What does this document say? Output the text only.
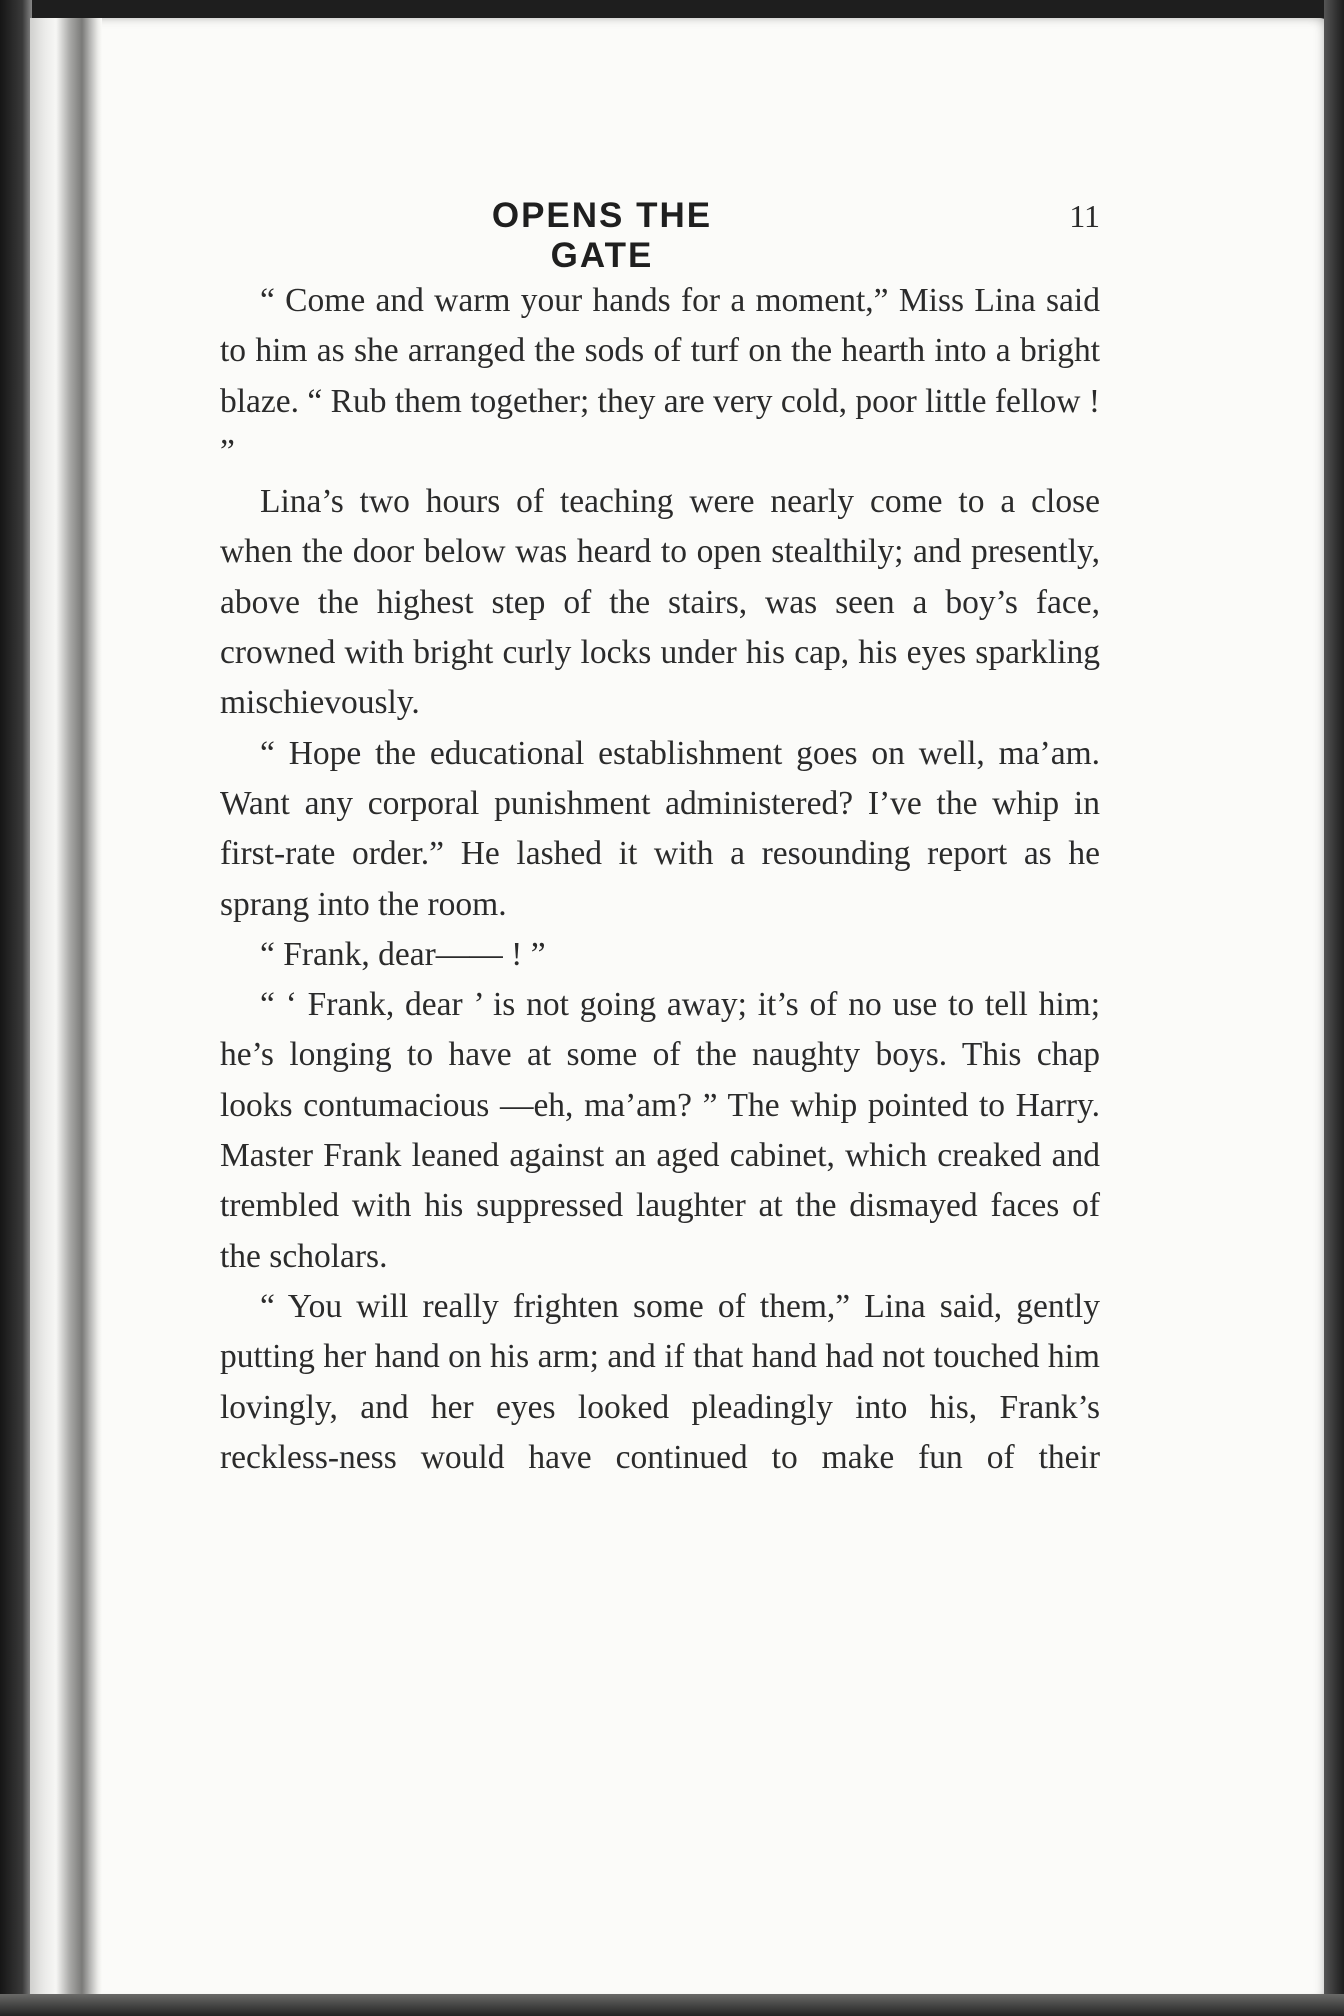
OPENS THE GATE
11

“ Come and warm your hands for a moment,” Miss Lina said to him as she arranged the sods of turf on the hearth into a bright blaze. “ Rub them together; they are very cold, poor little fellow ! ”

Lina’s two hours of teaching were nearly come to a close when the door below was heard to open stealthily; and presently, above the highest step of the stairs, was seen a boy’s face, crowned with bright curly locks under his cap, his eyes sparkling mischievously.

“ Hope the educational establishment goes on well, ma’am. Want any corporal punishment administered? I’ve the whip in first-rate order.” He lashed it with a resounding report as he sprang into the room.

“ Frank, dear—— ! ”

“ ‘ Frank, dear ’ is not going away; it’s of no use to tell him; he’s longing to have at some of the naughty boys. This chap looks contumacious —eh, ma’am? ” The whip pointed to Harry. Master Frank leaned against an aged cabinet, which creaked and trembled with his suppressed laughter at the dismayed faces of the scholars.

“ You will really frighten some of them,” Lina said, gently putting her hand on his arm; and if that hand had not touched him lovingly, and her eyes looked pleadingly into his, Frank’s reckless-ness would have continued to make fun of their
